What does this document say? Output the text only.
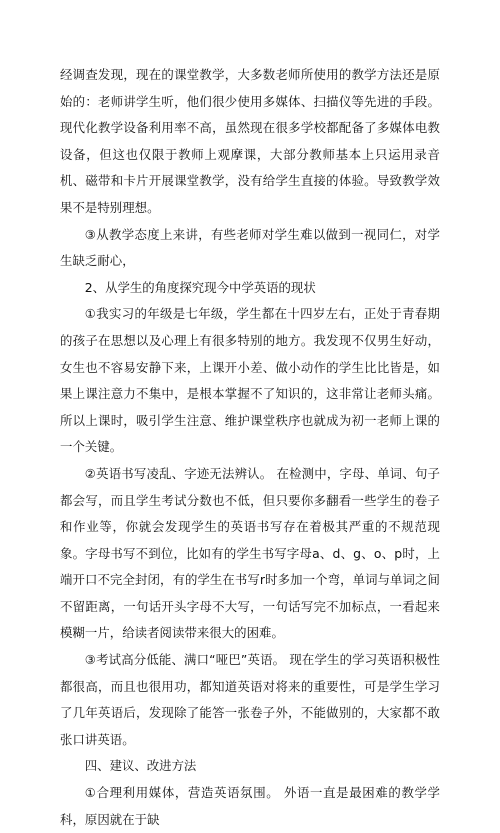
经调查发现，现在的课堂教学，大多数老师所使用的教学方法还是原始的：老师讲学生听，他们很少使用多媒体、扫描仪等先进的手段。现代化教学设备利用率不高，虽然现在很多学校都配备了多媒体电教设备，但这也仅限于教师上观摩课，大部分教师基本上只运用录音机、磁带和卡片开展课堂教学，没有给学生直接的体验。导致教学效果不是特别理想。

③从教学态度上来讲，有些老师对学生难以做到一视同仁，对学生缺乏耐心，

2、从学生的角度探究现今中学英语的现状

①我实习的年级是七年级，学生都在十四岁左右，正处于青春期的孩子在思想以及心理上有很多特别的地方。我发现不仅男生好动，女生也不容易安静下来，上课开小差、做小动作的学生比比皆是，如果上课注意力不集中，是根本掌握不了知识的，这非常让老师头痛。所以上课时，吸引学生注意、维护课堂秩序也就成为初一老师上课的一个关键。

②英语书写凌乱、字迹无法辨认。 在检测中，字母、单词、句子都会写，而且学生考试分数也不低，但只要你多翻看一些学生的卷子和作业等，你就会发现学生的英语书写存在着极其严重的不规范现象。字母书写不到位，比如有的学生书写字母a、d、g、o、p时，上端开口不完全封闭，有的学生在书写r时多加一个弯，单词与单词之间不留距离，一句话开头字母不大写，一句话写完不加标点，一看起来模糊一片，给读者阅读带来很大的困难。

③考试高分低能、满口“哑巴”英语。 现在学生的学习英语积极性都很高，而且也很用功，都知道英语对将来的重要性，可是学生学习了几年英语后，发现除了能答一张卷子外，不能做别的，大家都不敢张口讲英语。

四、建议、改进方法

①合理利用媒体，营造英语氛围。 外语一直是最困难的教学学科，原因就在于缺
